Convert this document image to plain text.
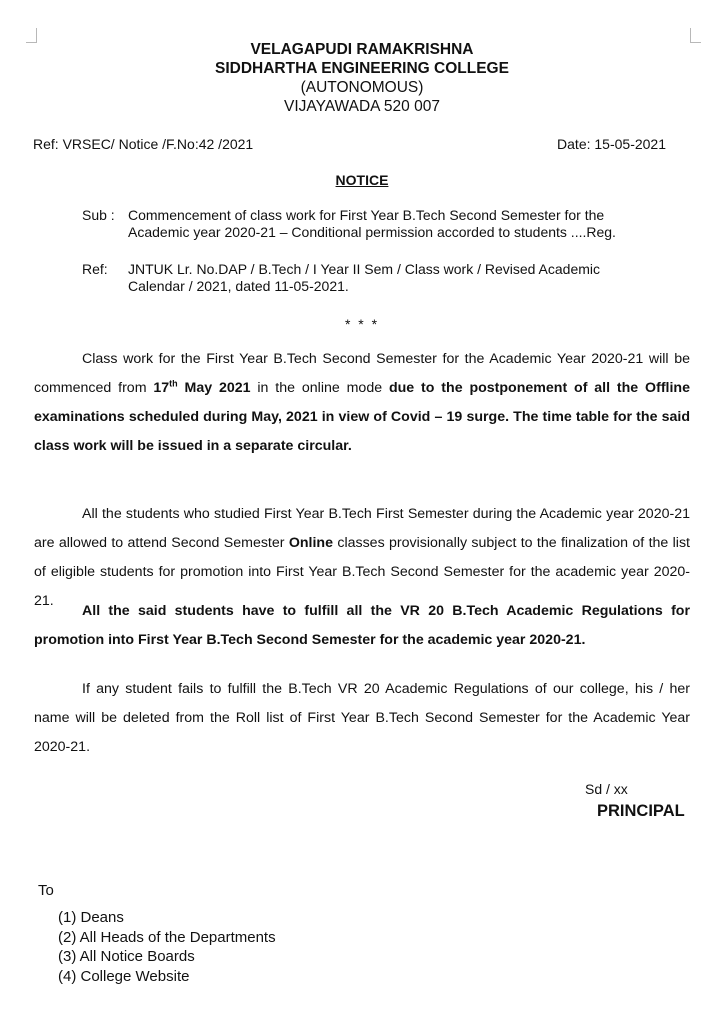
VELAGAPUDI RAMAKRISHNA
SIDDHARTHA ENGINEERING COLLEGE
(AUTONOMOUS)
VIJAYAWADA 520 007
Ref: VRSEC/ Notice /F.No:42 /2021	Date: 15-05-2021
NOTICE
Sub : Commencement of class work for First Year B.Tech Second Semester for the
Academic year 2020-21 – Conditional permission accorded to students ....Reg.
Ref: JNTUK Lr. No.DAP / B.Tech / I Year II Sem / Class work / Revised Academic
Calendar / 2021, dated 11-05-2021.
* * *
Class work for the First Year B.Tech Second Semester for the Academic Year 2020-21 will be commenced from 17th May 2021 in the online mode due to the postponement of all the Offline examinations scheduled during May, 2021 in view of Covid – 19 surge. The time table for the said class work will be issued in a separate circular.
All the students who studied First Year B.Tech First Semester during the Academic year 2020-21 are allowed to attend Second Semester Online classes provisionally subject to the finalization of the list of eligible students for promotion into First Year B.Tech Second Semester for the academic year 2020-21.
All the said students have to fulfill all the VR 20 B.Tech Academic Regulations for promotion into First Year B.Tech Second Semester for the academic year 2020-21.
If any student fails to fulfill the B.Tech VR 20 Academic Regulations of our college, his / her name will be deleted from the Roll list of First Year B.Tech Second Semester for the Academic Year 2020-21.
Sd / xx
PRINCIPAL
To
(1) Deans
(2) All Heads of the Departments
(3) All Notice Boards
(4) College Website
